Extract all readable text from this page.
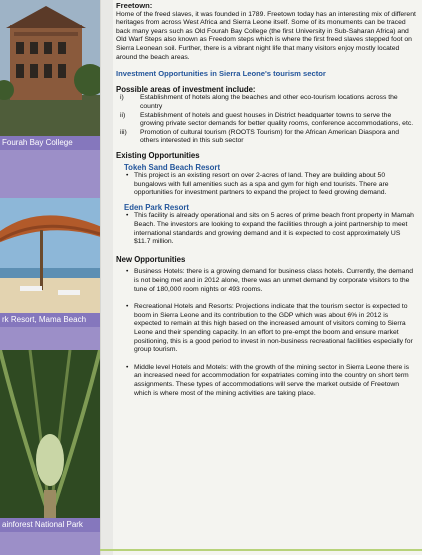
Fourah Bay College
rk Resort, Mama Beach
ainforest National Park

Freetown:

Home of the freed slaves, it was founded in 1789. Freetown today has an interesting mix of different heritages from across West Africa and Sierra Leone itself. Some of its monuments can be traced back many years such as Old Fourah Bay College (the first University in Sub-Saharan Africa) and Old Warf Steps also known as Freedom steps which is where the first freed slaves stepped foot on Sierra Leonean soil. Further, there is a vibrant night life that many visitors enjoy mostly located around the beach areas.

Investment Opportunities in Sierra Leone's tourism sector

Possible areas of investment include:

i) Establishment of hotels along the beaches and other eco-tourism locations across the country
ii) Establishment of hotels and guest houses in District headquarter towns to serve the growing private sector demands for better quality rooms, conference accommodations, etc.
iii) Promotion of cultural tourism (ROOTS Tourism) for the African American Diaspora and others interested in this sub sector

Existing Opportunities

Tokeh Sand Beach Resort

• This project is an existing resort on over 2-acres of land. They are building about 50 bungalows with full amenities such as a spa and gym for high end tourists. There are opportunities for investment partners to expand the project to feed growing demand.

Eden Park Resort

• This facility is already operational and sits on 5 acres of prime beach front property in Mamah Beach. The investors are looking to expand the facilities through a joint partnership to meet international standards and growing demand and it is expected to cost approximately US $11.7 million.

New Opportunities

• Business Hotels: there is a growing demand for business class hotels. Currently, the demand is not being met and in 2012 alone, there was an unmet demand by corporate visitors to the tune of 180,000 room nights or 493 rooms.
• Recreational Hotels and Resorts: Projections indicate that the tourism sector is expected to boom in Sierra Leone and its contribution to the GDP which was about 6% in 2012 is expected to remain at this high based on the increased amount of visitors coming to Sierra Leone and their spending capacity. In an effort to pre-empt the boom and ensure market positioning, this is a good period to invest in non-business recreational facilities especially for group tourism.
• Middle level Hotels and Motels: with the growth of the mining sector in Sierra Leone there is an increased need for accommodation for expatriates coming into the country on short term assignments. These types of accommodations will serve the market outside of Freetown which is where most of the mining activities are taking place.
